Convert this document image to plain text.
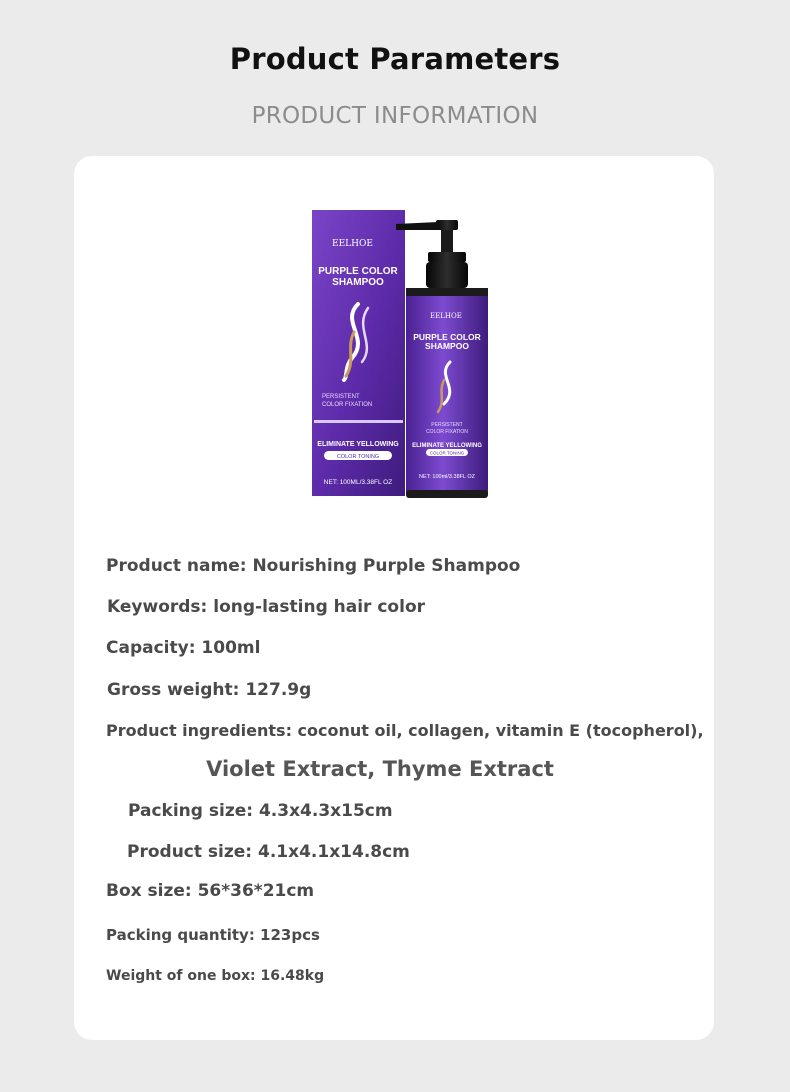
Product Parameters
PRODUCT INFORMATION
EELHOE
PURPLE COLOR
SHAMPOO
PERSISTENT
COLOR FIXATION
ELIMINATE YELLOWING
COLOR TONING
NET: 100ML/3.38FL OZ
EELHOE
PURPLE COLOR
SHAMPOO
PERSISTENT
COLOR FIXATION
ELIMINATE YELLOWING
COLOR TONING
NET: 100ml/3.38FL OZ
Product name: Nourishing Purple Shampoo
Keywords: long-lasting hair color
Capacity: 100ml
Gross weight: 127.9g
Product ingredients: coconut oil, collagen, vitamin E (tocopherol),
Violet Extract, Thyme Extract
Packing size: 4.3x4.3x15cm
Product size: 4.1x4.1x14.8cm
Box size: 56*36*21cm
Packing quantity: 123pcs
Weight of one box: 16.48kg
